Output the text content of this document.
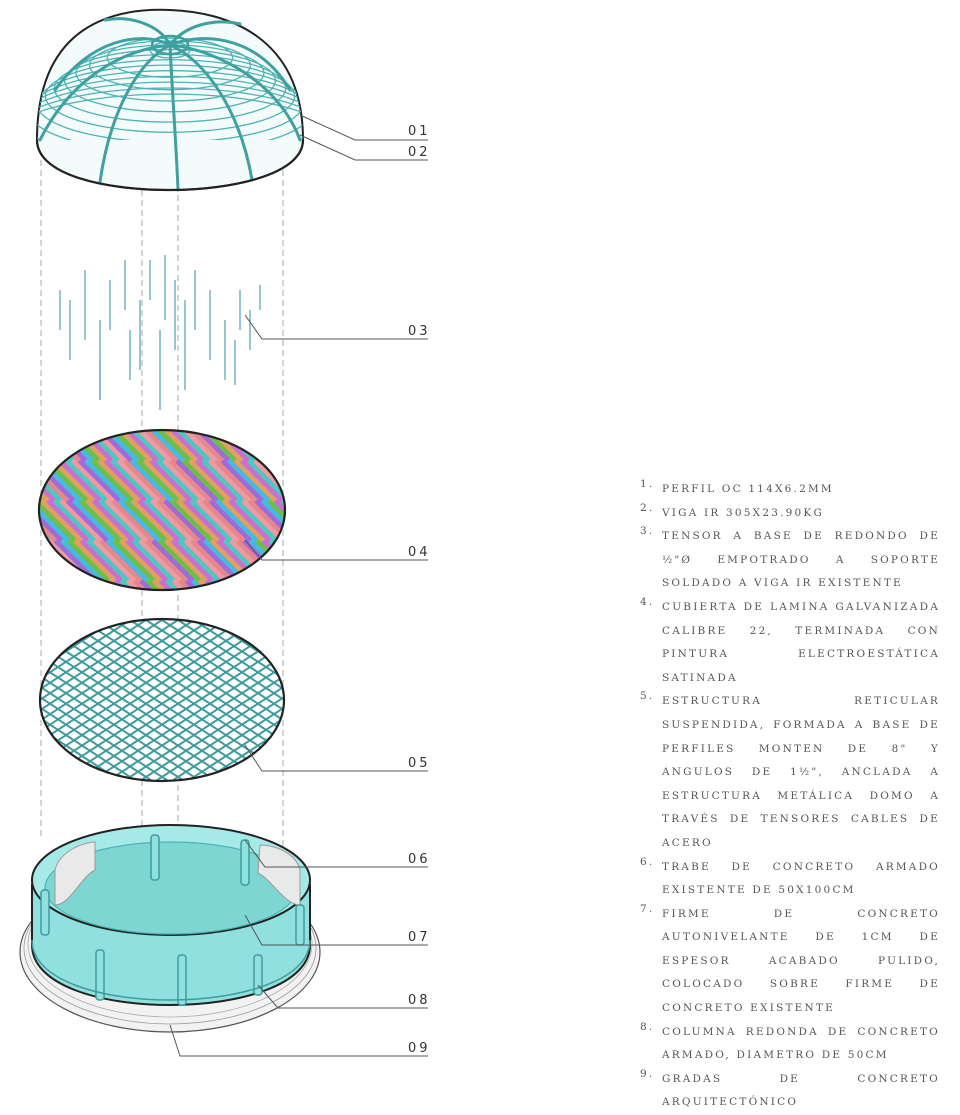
01
02
03
04
05
06
07
08
09
1. PERFIL OC 114X6.2MM
2. VIGA IR 305X23.90KG
3. TENSOR A BASE DE REDONDO DE ½"Ø EMPOTRADO A SOPORTE SOLDADO A VIGA IR EXISTENTE
4. CUBIERTA DE LAMINA GALVANIZADA CALIBRE 22, TERMINADA CON PINTURA ELECTROESTÁTICA SATINADA
5. ESTRUCTURA RETICULAR SUSPENDIDA, FORMADA A BASE DE PERFILES MONTEN DE 8" Y ANGULOS DE 1½", ANCLADA A ESTRUCTURA METÁLICA DOMO A TRAVÉS DE TENSORES CABLES DE ACERO
6. TRABE DE CONCRETO ARMADO EXISTENTE DE 50X100CM
7. FIRME DE CONCRETO AUTONIVELANTE DE 1CM DE ESPESOR ACABADO PULIDO, COLOCADO SOBRE FIRME DE CONCRETO EXISTENTE
8. COLUMNA REDONDA DE CONCRETO ARMADO, DIAMETRO DE 50CM
9. GRADAS DE CONCRETO ARQUITECTÓNICO
